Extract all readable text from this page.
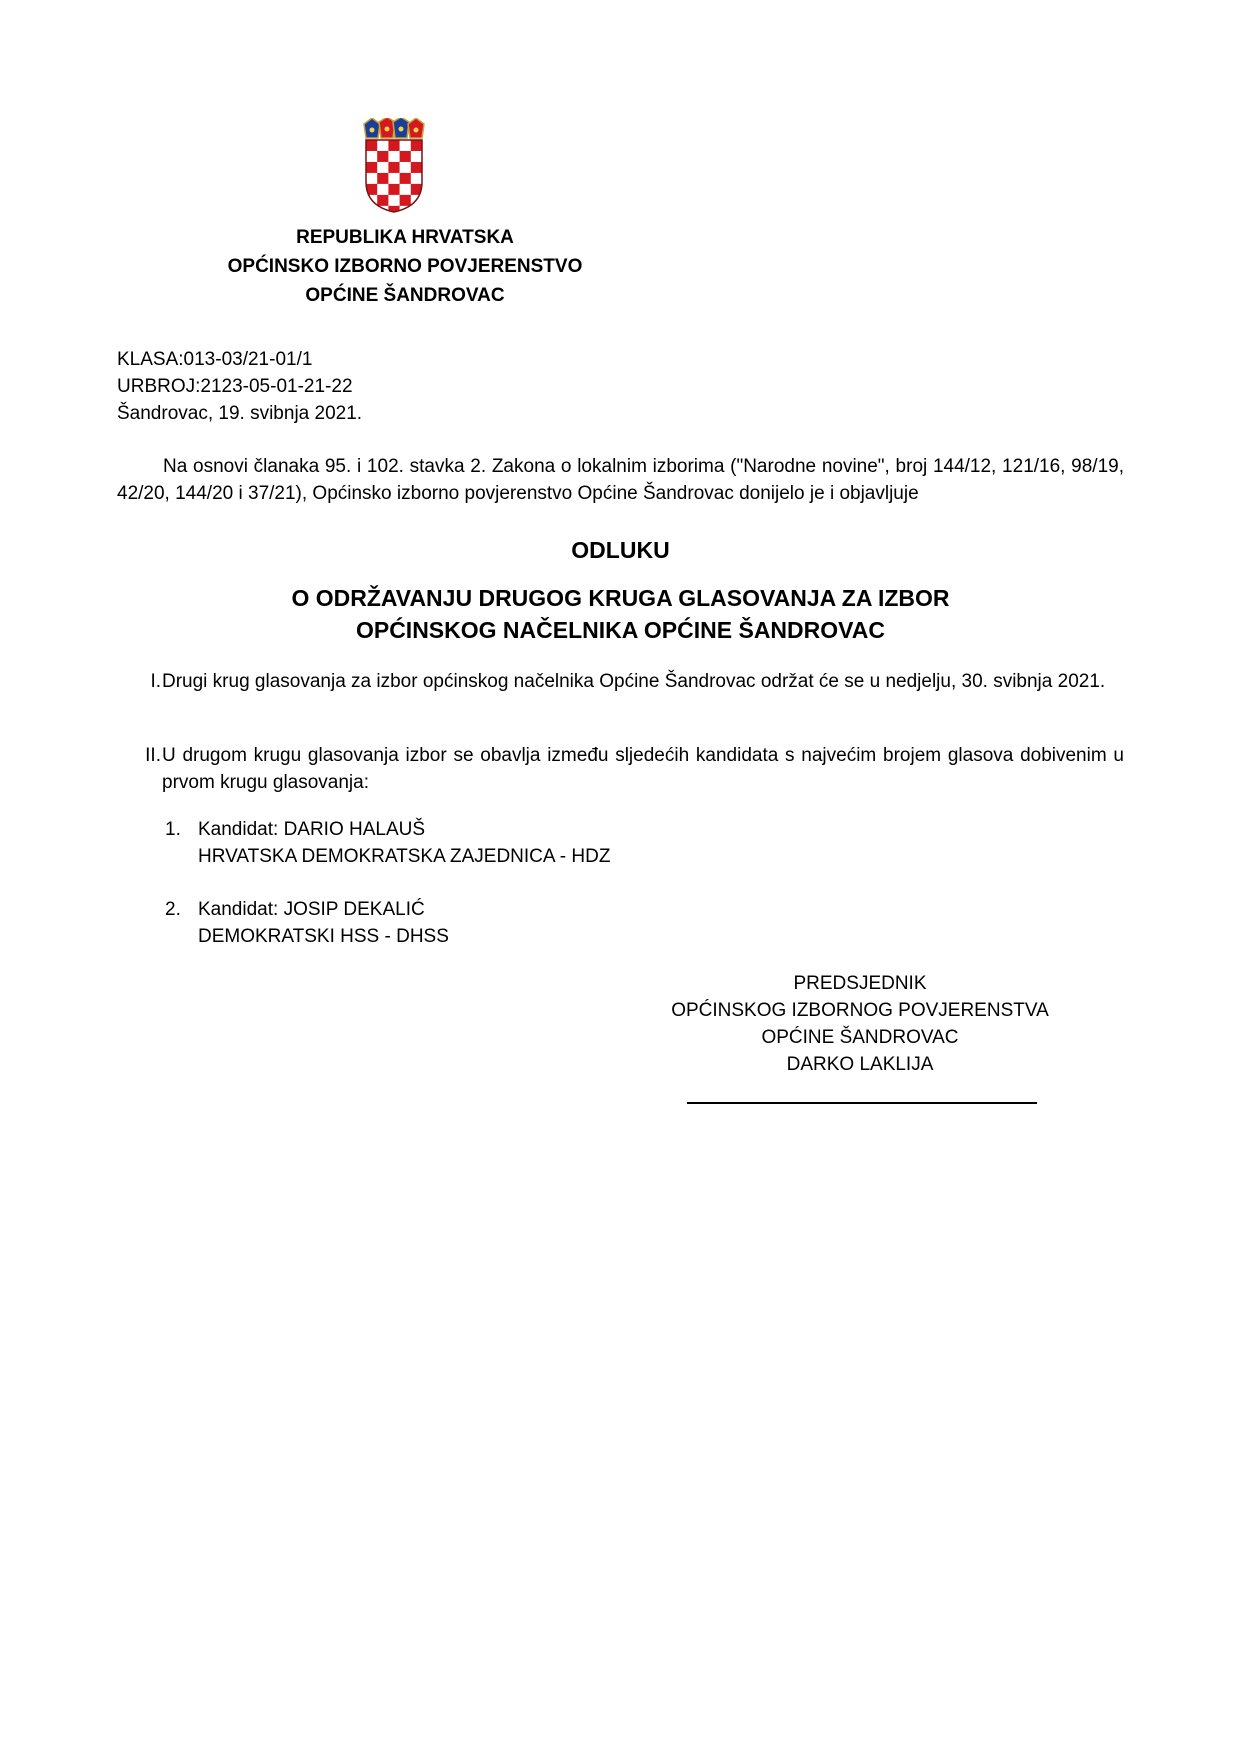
REPUBLIKA HRVATSKA
OPĆINSKO IZBORNO POVJERENSTVO
OPĆINE ŠANDROVAC
KLASA:013-03/21-01/1
URBROJ:2123-05-01-21-22
Šandrovac, 19. svibnja 2021.
Na osnovi članaka 95. i 102. stavka 2. Zakona o lokalnim izborima ("Narodne novine", broj 144/12, 121/16, 98/19, 42/20, 144/20 i 37/21), Općinsko izborno povjerenstvo Općine Šandrovac donijelo je i objavljuje
ODLUKU
O ODRŽAVANJU DRUGOG KRUGA GLASOVANJA ZA IZBOR
OPĆINSKOG NAČELNIKA OPĆINE ŠANDROVAC
I. Drugi krug glasovanja za izbor općinskog načelnika Općine Šandrovac održat će se u nedjelju, 30. svibnja 2021.
II. U drugom krugu glasovanja izbor se obavlja između sljedećih kandidata s najvećim brojem glasova dobivenim u prvom krugu glasovanja:
1. Kandidat: DARIO HALAUŠ
HRVATSKA DEMOKRATSKA ZAJEDNICA - HDZ
2. Kandidat: JOSIP DEKALIĆ
DEMOKRATSKI HSS - DHSS
PREDSJEDNIK
OPĆINSKOG IZBORNOG POVJERENSTVA
OPĆINE ŠANDROVAC
DARKO LAKLIJA
